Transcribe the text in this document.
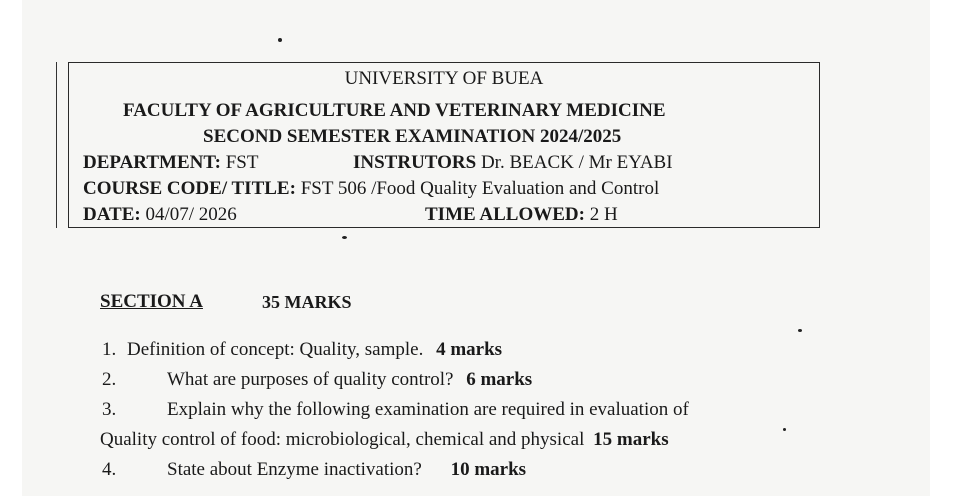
UNIVERSITY OF BUEA
FACULTY OF AGRICULTURE AND VETERINARY MEDICINE
SECOND SEMESTER EXAMINATION 2024/2025
DEPARTMENT: FST	INSTRUTORS Dr. BEACK / Mr EYABI
COURSE CODE/ TITLE: FST 506 /Food Quality Evaluation and Control
DATE: 04/07/ 2026	TIME ALLOWED: 2 H
SECTION A	35 MARKS
1. Definition of concept: Quality, sample. 4 marks
2.	What are purposes of quality control? 6 marks
3.	Explain why the following examination are required in evaluation of
Quality control of food: microbiological, chemical and physical 15 marks
4.	State about Enzyme inactivation? 10 marks
